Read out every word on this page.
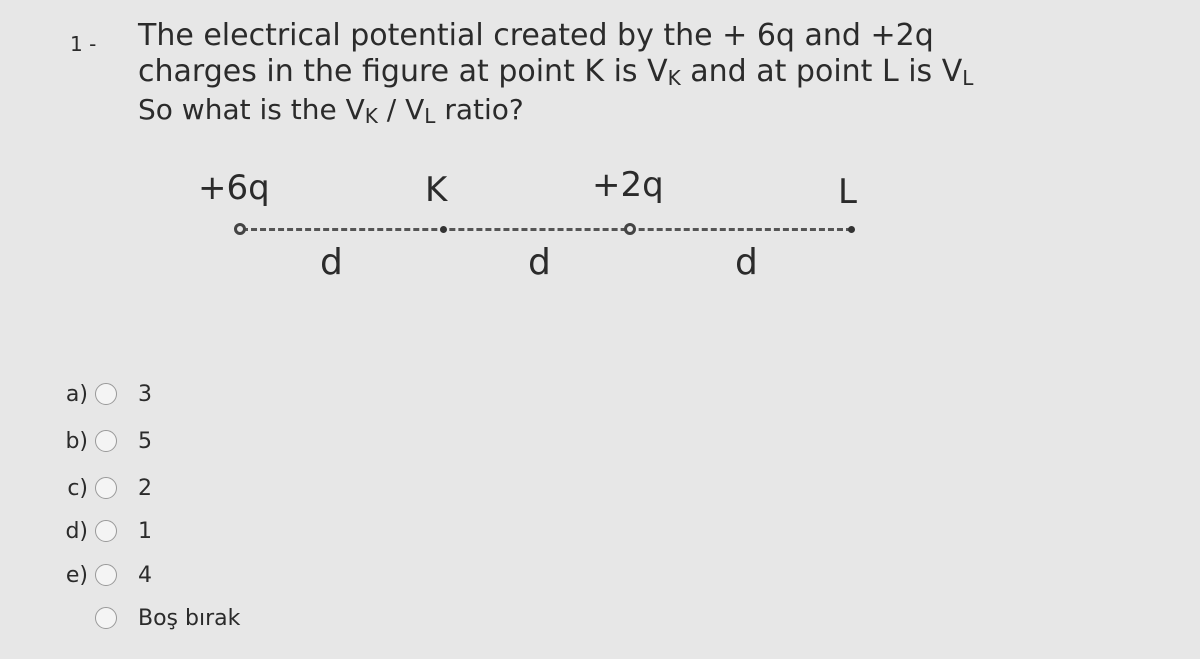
1 - The electrical potential created by the + 6q and +2q
charges in the figure at point K is $V_K$ and at point L is $V_L$
So what is the $V_K / V_L$ ratio?
+6q	K	+2q	L
d	d	d
a) 3
b) 5
c) 2
d) 1
e) 4
Boş bırak
